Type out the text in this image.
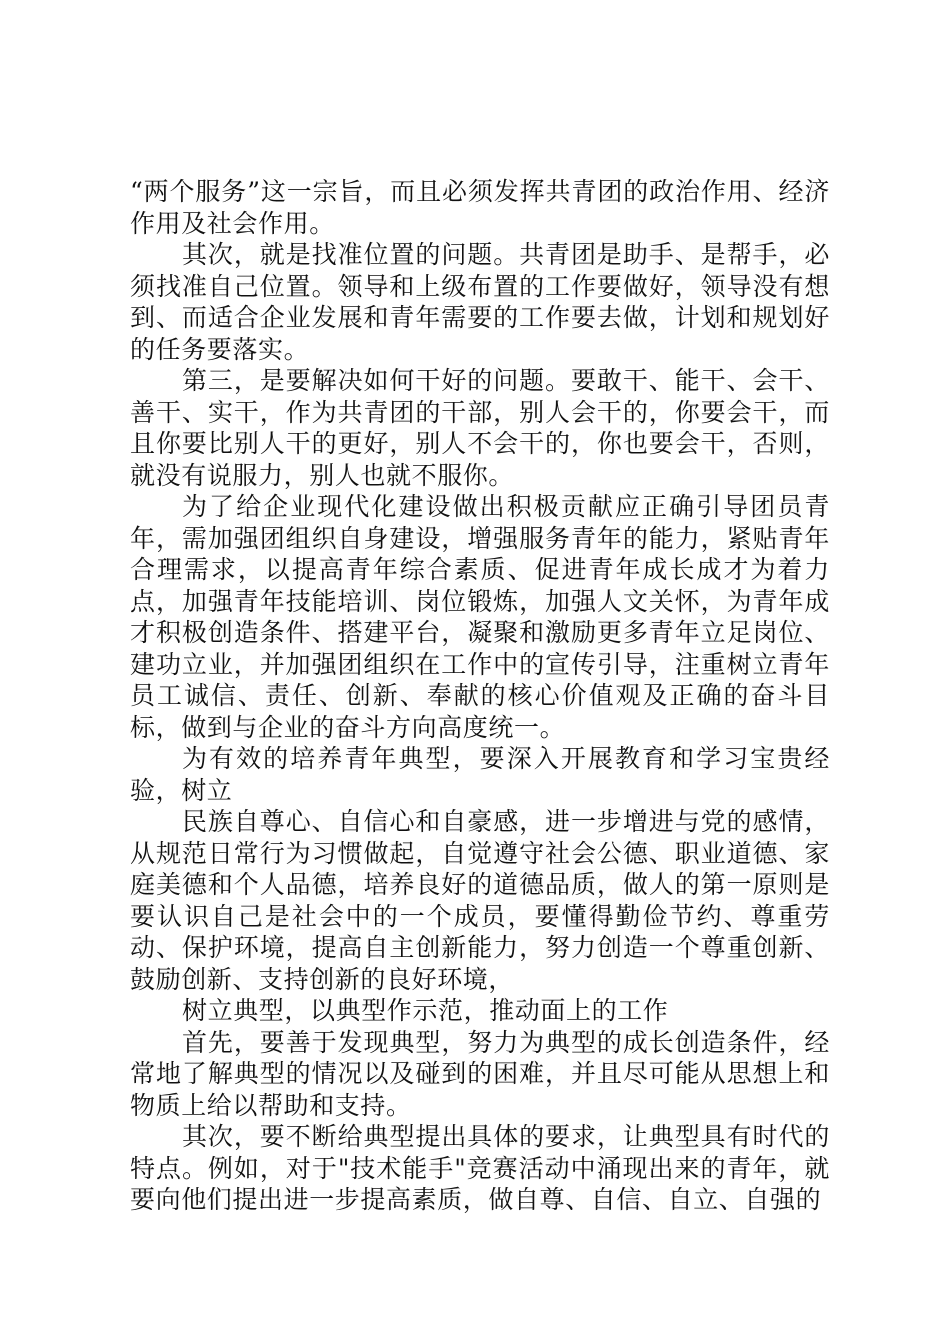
“两个服务”这一宗旨，而且必须发挥共青团的政治作用、经济作用及社会作用。

其次，就是找准位置的问题。共青团是助手、是帮手，必须找准自己位置。领导和上级布置的工作要做好，领导没有想到、而适合企业发展和青年需要的工作要去做，计划和规划好的任务要落实。

第三，是要解决如何干好的问题。要敢干、能干、会干、善干、实干，作为共青团的干部，别人会干的，你要会干，而且你要比别人干的更好，别人不会干的，你也要会干，否则，就没有说服力，别人也就不服你。

为了给企业现代化建设做出积极贡献应正确引导团员青年，需加强团组织自身建设，增强服务青年的能力，紧贴青年合理需求，以提高青年综合素质、促进青年成长成才为着力点，加强青年技能培训、岗位锻炼，加强人文关怀，为青年成才积极创造条件、搭建平台，凝聚和激励更多青年立足岗位、建功立业，并加强团组织在工作中的宣传引导，注重树立青年员工诚信、责任、创新、奉献的核心价值观及正确的奋斗目标，做到与企业的奋斗方向高度统一。

为有效的培养青年典型，要深入开展教育和学习宝贵经验，树立

民族自尊心、自信心和自豪感，进一步增进与党的感情，从规范日常行为习惯做起，自觉遵守社会公德、职业道德、家庭美德和个人品德，培养良好的道德品质，做人的第一原则是要认识自己是社会中的一个成员，要懂得勤俭节约、尊重劳动、保护环境，提高自主创新能力，努力创造一个尊重创新、鼓励创新、支持创新的良好环境，

树立典型，以典型作示范，推动面上的工作

首先，要善于发现典型，努力为典型的成长创造条件，经常地了解典型的情况以及碰到的困难，并且尽可能从思想上和物质上给以帮助和支持。

其次，要不断给典型提出具体的要求，让典型具有时代的特点。例如，对于"技术能手"竞赛活动中涌现出来的青年，就要向他们提出进一步提高素质，做自尊、自信、自立、自强的
